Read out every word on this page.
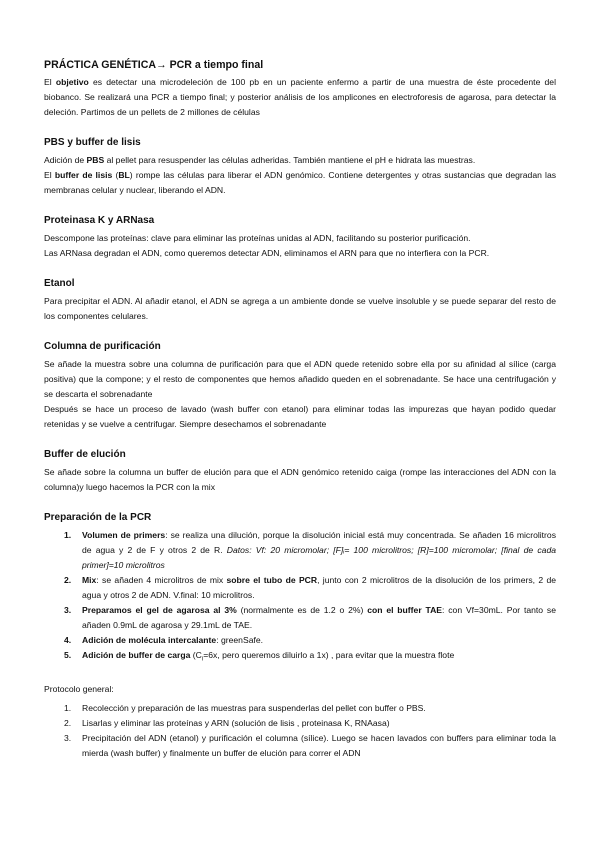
PRÁCTICA GENÉTICA→ PCR a tiempo final

El objetivo es detectar una microdeleción de 100 pb en un paciente enfermo a partir de una muestra de éste procedente del biobanco. Se realizará una PCR a tiempo final; y posterior análisis de los amplicones en electroforesis de agarosa, para detectar la deleción. Partimos de un pellets de 2 millones de células

PBS y buffer de lisis

Adición de PBS al pellet para resuspender las células adheridas. También mantiene el pH e hidrata las muestras.

El buffer de lisis (BL) rompe las células para liberar el ADN genómico. Contiene detergentes y otras sustancias que degradan las membranas celular y nuclear, liberando el ADN.

Proteinasa K y ARNasa

Descompone las proteínas: clave para eliminar las proteínas unidas al ADN, facilitando su posterior purificación.

Las ARNasa degradan el ADN, como queremos detectar ADN, eliminamos el ARN para que no interfiera con la PCR.

Etanol

Para precipitar el ADN. Al añadir etanol, el ADN se agrega a un ambiente donde se vuelve insoluble y se puede separar del resto de los componentes celulares.

Columna de purificación

Se añade la muestra sobre una columna de purificación para que el ADN quede retenido sobre ella por su afinidad al sílice (carga positiva) que la compone; y el resto de componentes que hemos añadido queden en el sobrenadante. Se hace una centrifugación y se descarta el sobrenadante

Después se hace un proceso de lavado (wash buffer con etanol) para eliminar todas las impurezas que hayan podido quedar retenidas y se vuelve a centrifugar. Siempre desechamos el sobrenadante

Buffer de elución

Se añade sobre la columna un buffer de elución para que el ADN genómico retenido caiga (rompe las interacciones del ADN con la columna)y luego hacemos la PCR con la mix

Preparación de la PCR
1.	Volumen de primers: se realiza una dilución, porque la disolución inicial está muy concentrada. Se añaden 16 microlitros de agua y 2 de F y otros 2 de R. Datos: Vf: 20 micromolar; [F]ᵢ= 100 microlitros; [R]=100 micromolar; [final de cada primer]=10 microlitros
2.	Mix: se añaden 4 microlitros de mix sobre el tubo de PCR, junto con 2 microlitros de la disolución de los primers, 2 de agua y otros 2 de ADN. V.final: 10 microlitros.
3.	Preparamos el gel de agarosa al 3% (normalmente es de 1.2 o 2%) con el buffer TAE: con Vf=30mL. Por tanto se añaden 0.9mL de agarosa y 29.1mL de TAE.
4.	Adición de molécula intercalante: greenSafe.
5.	Adición de buffer de carga ($C_i=6x$, pero queremos diluirlo a 1x) , para evitar que la muestra flote

Protocolo general:

1.	Recolección y preparación de las muestras para suspenderlas del pellet con buffer o PBS.
2.	Lisarlas y eliminar las proteínas y ARN (solución de lisis , proteinasa K, RNAasa)
3.	Precipitación del ADN (etanol) y purificación el columna (sílice). Luego se hacen lavados con buffers para eliminar toda la mierda (wash buffer) y finalmente un buffer de elución para correr el ADN
